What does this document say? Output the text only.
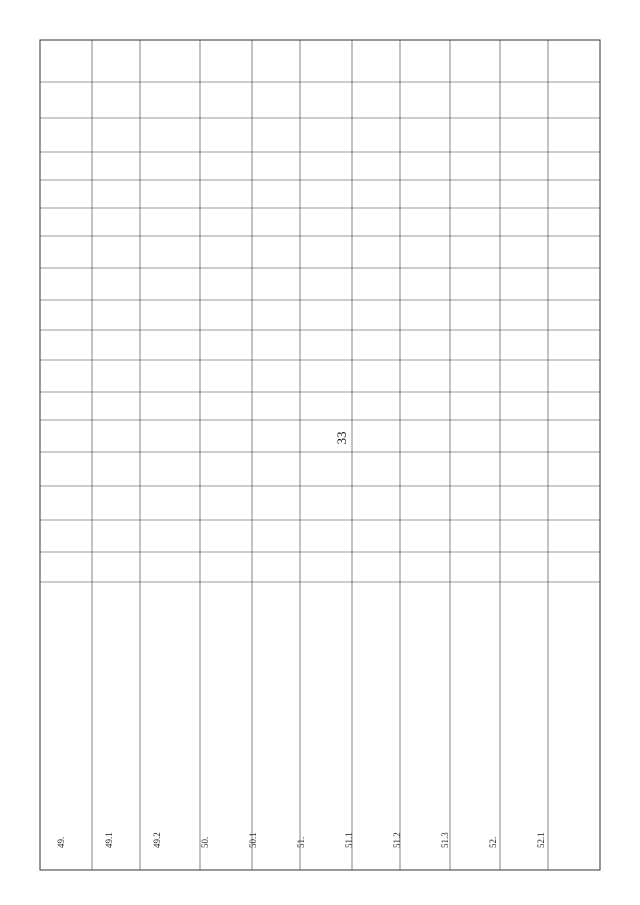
33
49.	49.1	49.2	50.	50.1	51.	51.1	51.2	51.3	52.	52.1
